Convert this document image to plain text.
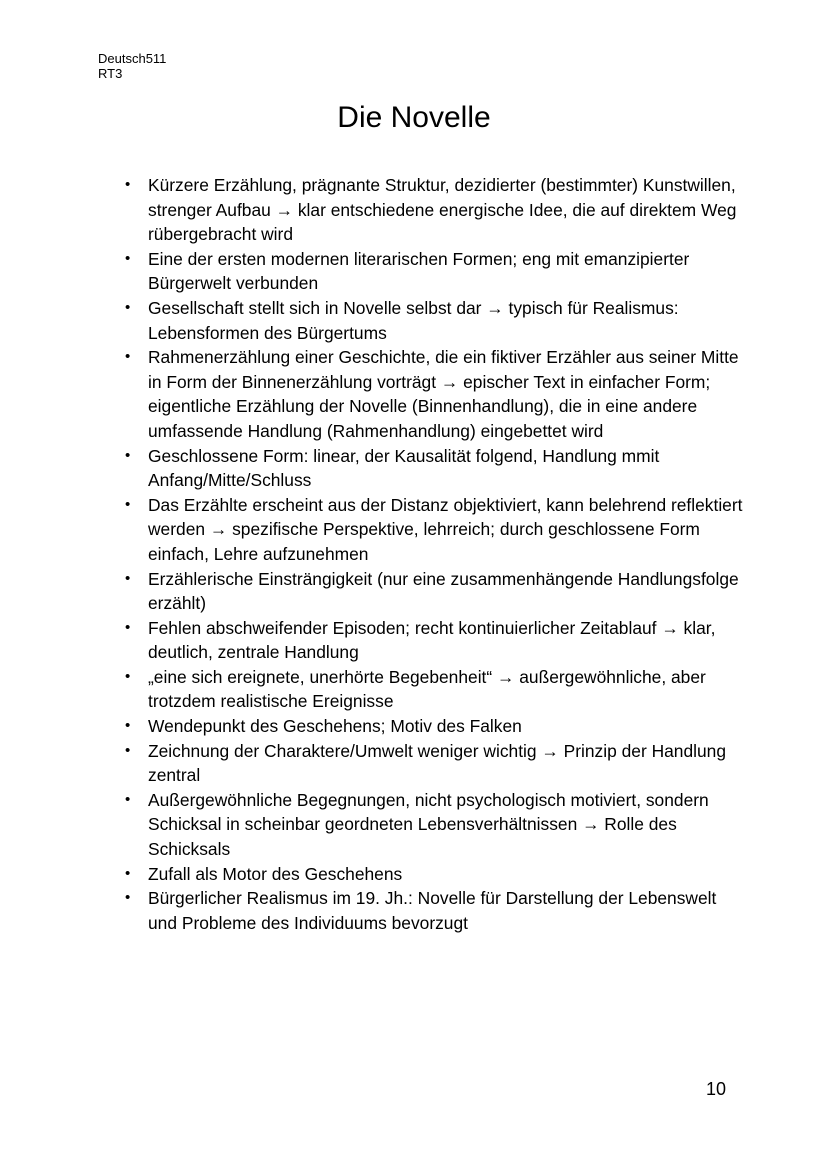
Deutsch511
RT3
Die Novelle
• Kürzere Erzählung, prägnante Struktur, dezidierter (bestimmter) Kunstwillen, strenger Aufbau → klar entschiedene energische Idee, die auf direktem Weg rübergebracht wird
• Eine der ersten modernen literarischen Formen; eng mit emanzipierter Bürgerwelt verbunden
• Gesellschaft stellt sich in Novelle selbst dar → typisch für Realismus: Lebensformen des Bürgertums
• Rahmenerzählung einer Geschichte, die ein fiktiver Erzähler aus seiner Mitte in Form der Binnenerzählung vorträgt → epischer Text in einfacher Form; eigentliche Erzählung der Novelle (Binnenhandlung), die in eine andere umfassende Handlung (Rahmenhandlung) eingebettet wird
• Geschlossene Form: linear, der Kausalität folgend, Handlung mmit Anfang/Mitte/Schluss
• Das Erzählte erscheint aus der Distanz objektiviert, kann belehrend reflektiert werden → spezifische Perspektive, lehrreich; durch geschlossene Form einfach, Lehre aufzunehmen
• Erzählerische Einsträngigkeit (nur eine zusammenhängende Handlungsfolge erzählt)
• Fehlen abschweifender Episoden; recht kontinuierlicher Zeitablauf → klar, deutlich, zentrale Handlung
• „eine sich ereignete, unerhörte Begebenheit“ → außergewöhnliche, aber trotzdem realistische Ereignisse
• Wendepunkt des Geschehens; Motiv des Falken
• Zeichnung der Charaktere/Umwelt weniger wichtig → Prinzip der Handlung zentral
• Außergewöhnliche Begegnungen, nicht psychologisch motiviert, sondern Schicksal in scheinbar geordneten Lebensverhältnissen → Rolle des Schicksals
• Zufall als Motor des Geschehens
• Bürgerlicher Realismus im 19. Jh.: Novelle für Darstellung der Lebenswelt und Probleme des Individuums bevorzugt
10
